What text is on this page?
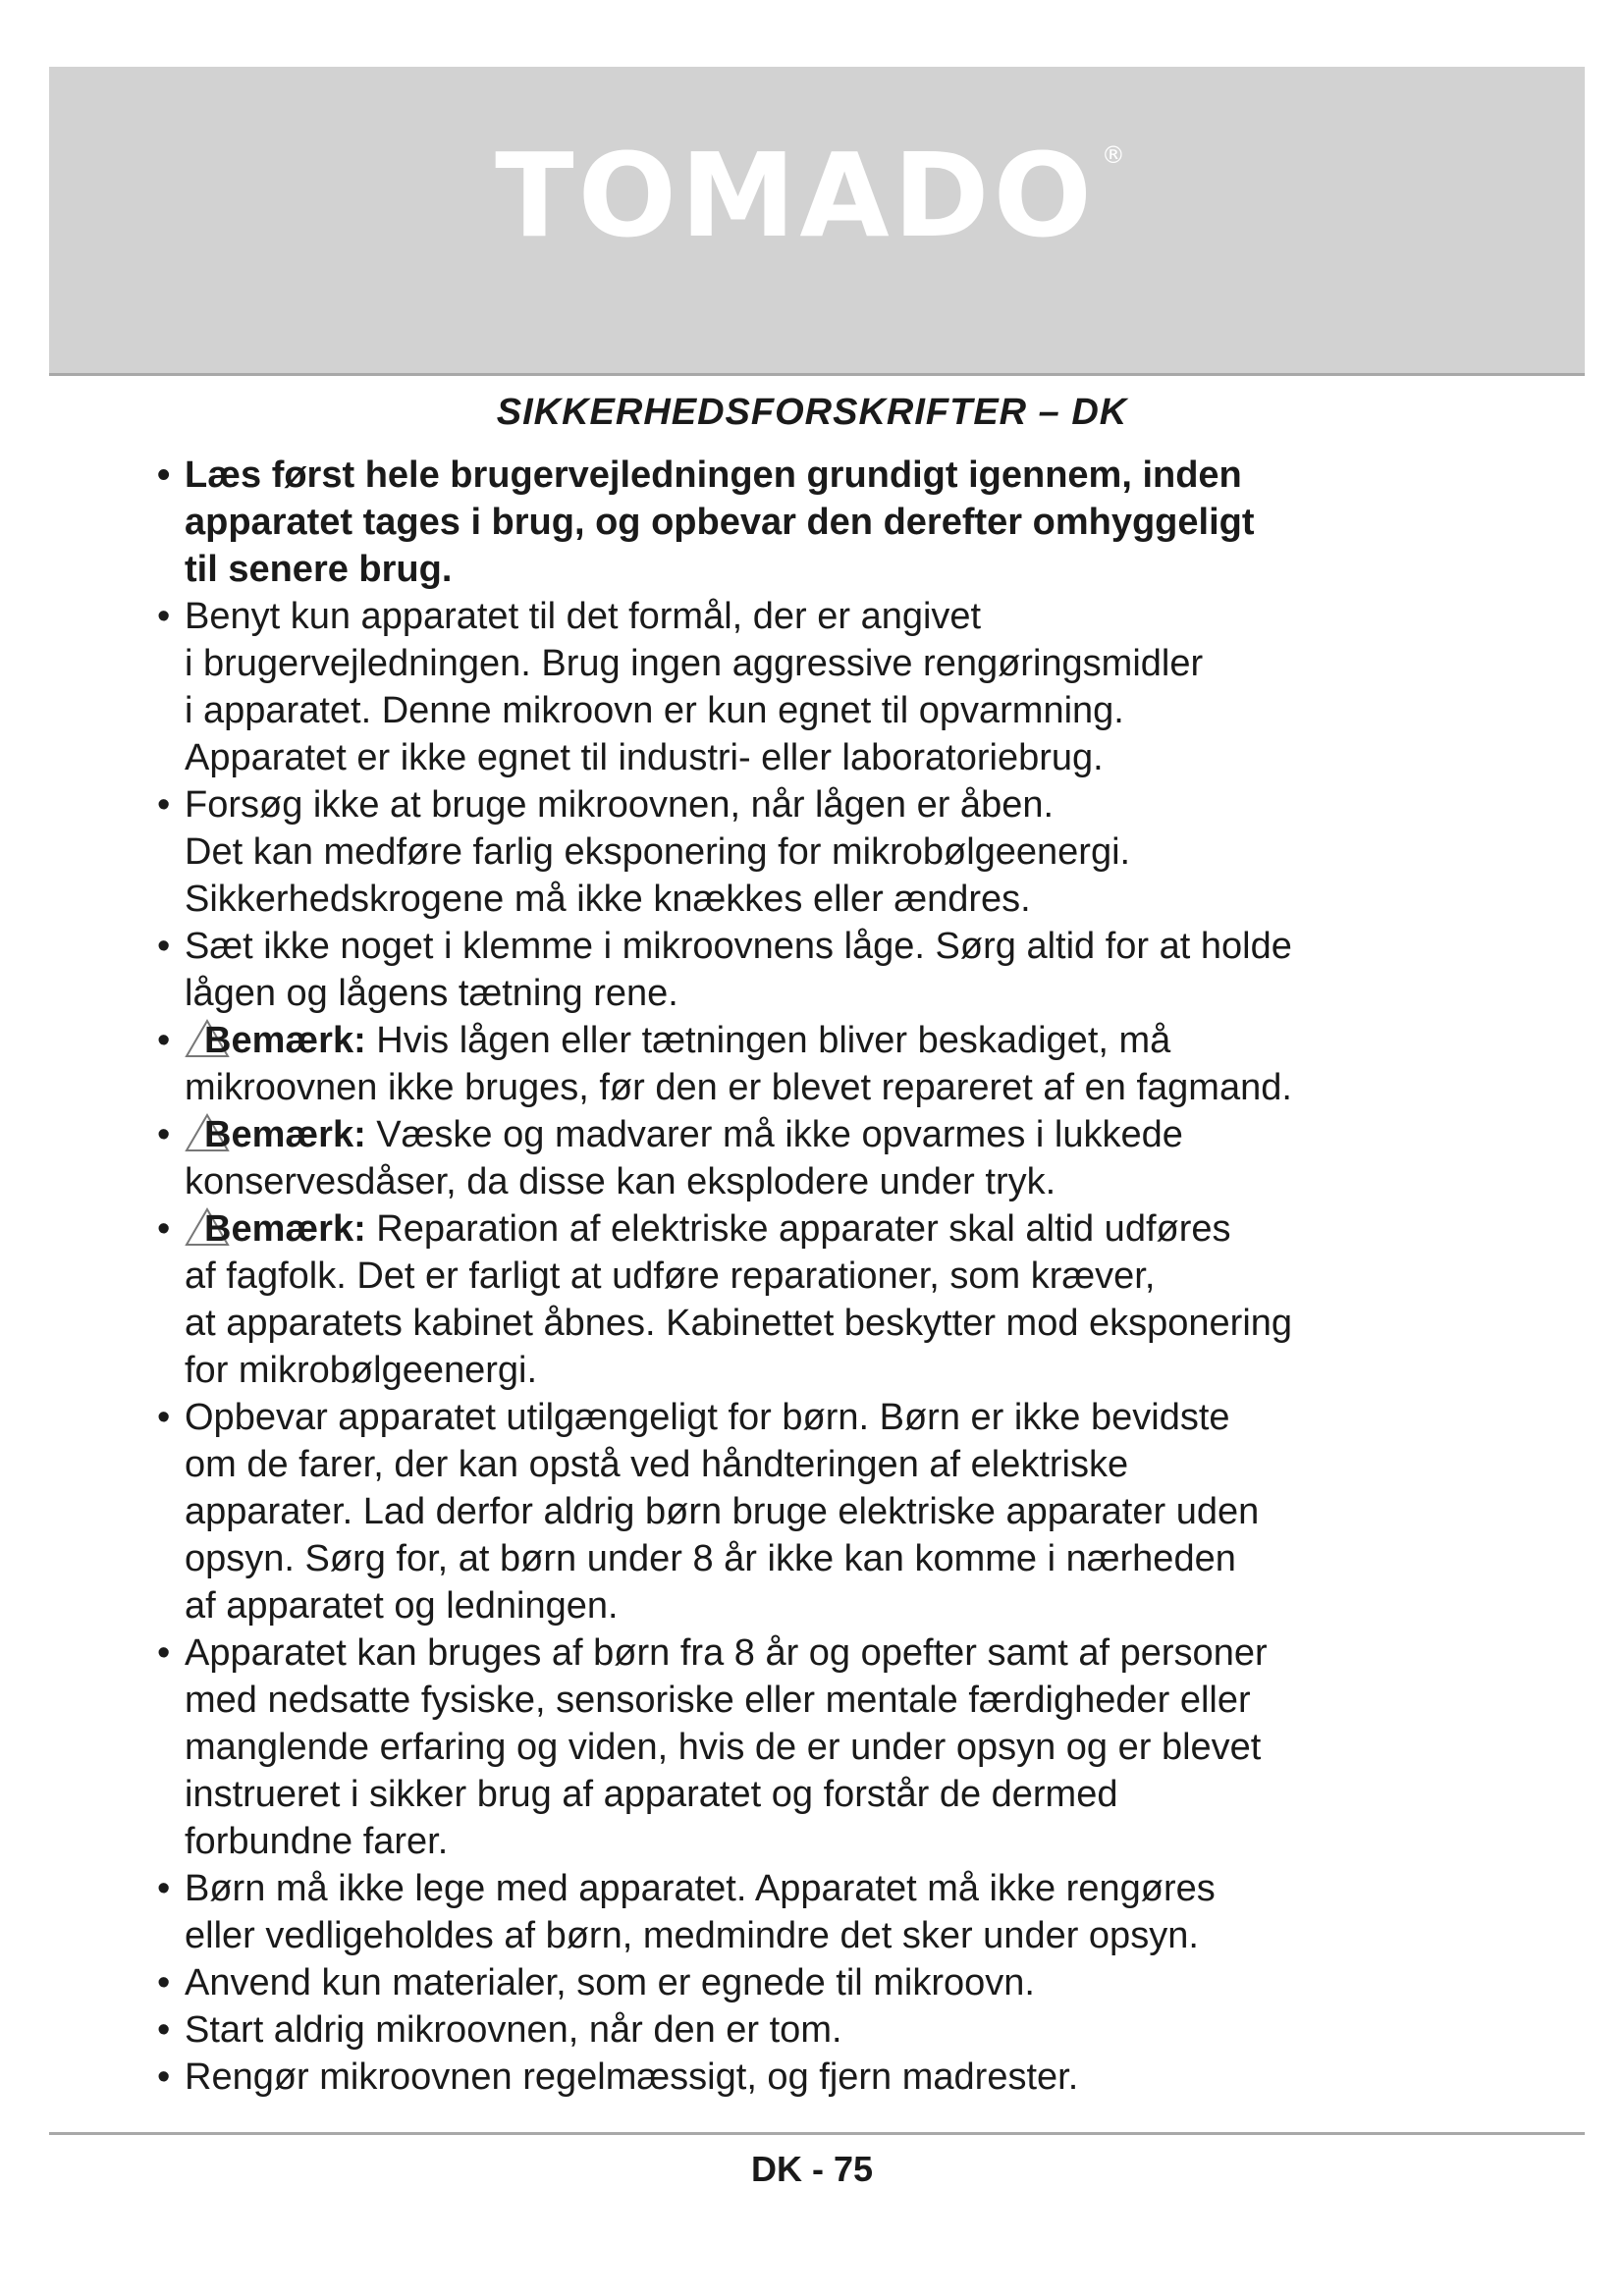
TOMADO ®
SIKKERHEDSFORSKRIFTER – DK
• Læs først hele brugervejledningen grundigt igennem, inden
apparatet tages i brug, og opbevar den derefter omhyggeligt
til senere brug.
• Benyt kun apparatet til det formål, der er angivet
i brugervejledningen. Brug ingen aggressive rengøringsmidler
i apparatet. Denne mikroovn er kun egnet til opvarmning.
Apparatet er ikke egnet til industri- eller laboratoriebrug.
• Forsøg ikke at bruge mikroovnen, når lågen er åben.
Det kan medføre farlig eksponering for mikrobølgeenergi.
Sikkerhedskrogene må ikke knækkes eller ændres.
• Sæt ikke noget i klemme i mikroovnens låge. Sørg altid for at holde
lågen og lågens tætning rene.
• Bemærk: Hvis lågen eller tætningen bliver beskadiget, må
mikroovnen ikke bruges, før den er blevet repareret af en fagmand.
• Bemærk: Væske og madvarer må ikke opvarmes i lukkede
konservesdåser, da disse kan eksplodere under tryk.
• Bemærk: Reparation af elektriske apparater skal altid udføres
af fagfolk. Det er farligt at udføre reparationer, som kræver,
at apparatets kabinet åbnes. Kabinettet beskytter mod eksponering
for mikrobølgeenergi.
• Opbevar apparatet utilgængeligt for børn. Børn er ikke bevidste
om de farer, der kan opstå ved håndteringen af elektriske
apparater. Lad derfor aldrig børn bruge elektriske apparater uden
opsyn. Sørg for, at børn under 8 år ikke kan komme i nærheden
af apparatet og ledningen.
• Apparatet kan bruges af børn fra 8 år og opefter samt af personer
med nedsatte fysiske, sensoriske eller mentale færdigheder eller
manglende erfaring og viden, hvis de er under opsyn og er blevet
instrueret i sikker brug af apparatet og forstår de dermed
forbundne farer.
• Børn må ikke lege med apparatet. Apparatet må ikke rengøres
eller vedligeholdes af børn, medmindre det sker under opsyn.
• Anvend kun materialer, som er egnede til mikroovn.
• Start aldrig mikroovnen, når den er tom.
• Rengør mikroovnen regelmæssigt, og fjern madrester.
DK - 75
